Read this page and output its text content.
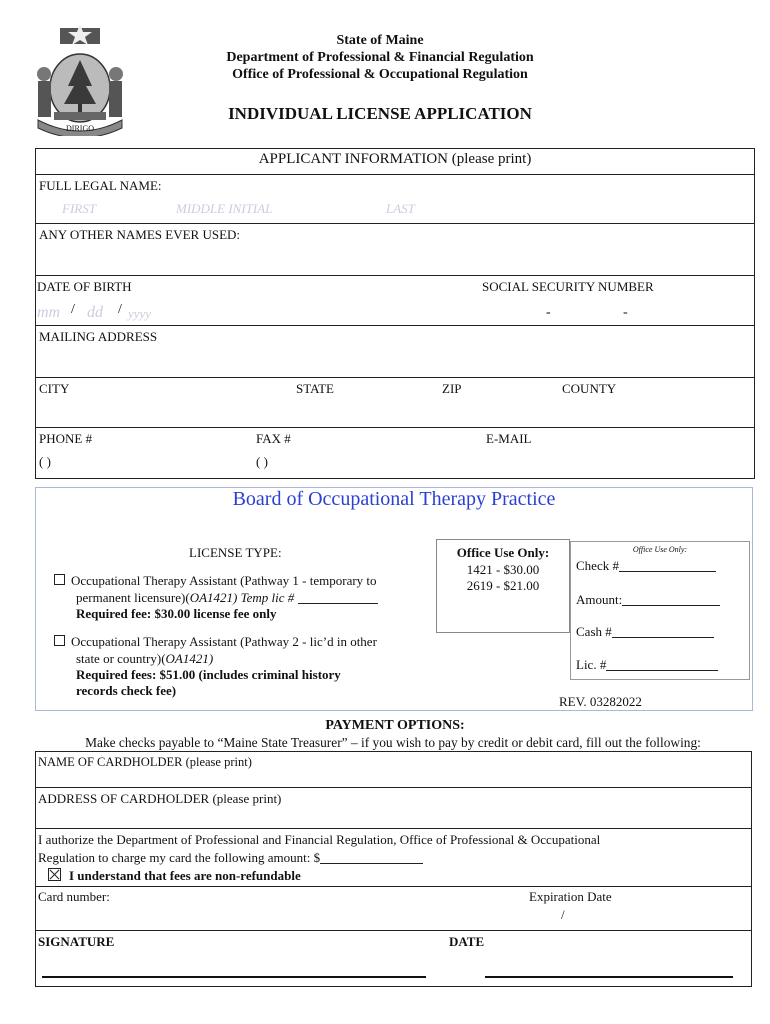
DIRIGO
State of Maine
Department of Professional & Financial Regulation
Office of Professional & Occupational Regulation
INDIVIDUAL LICENSE APPLICATION
APPLICANT INFORMATION (please print)
FULL LEGAL NAME:
FIRST	MIDDLE INITIAL	LAST
ANY OTHER NAMES EVER USED:
DATE OF BIRTH	SOCIAL SECURITY NUMBER
mm / dd / yyyy	-	-
MAILING ADDRESS
CITY	STATE	ZIP	COUNTY
PHONE #	FAX #	E-MAIL
( )	( )
Board of Occupational Therapy Practice
LICENSE TYPE:
Occupational Therapy Assistant (Pathway 1 - temporary to
permanent licensure)(OA1421) Temp lic #
Required fee: $30.00 license fee only
Occupational Therapy Assistant (Pathway 2 - lic’d in other
state or country)(OA1421)
Required fees: $51.00 (includes criminal history
records check fee)
Office Use Only:
1421 - $30.00
2619 - $21.00
Office Use Only:
Check #
Amount:
Cash #
Lic. #
REV. 03282022
PAYMENT OPTIONS:
Make checks payable to “Maine State Treasurer” – if you wish to pay by credit or debit card, fill out the following:
NAME OF CARDHOLDER (please print)
ADDRESS OF CARDHOLDER (please print)
I authorize the Department of Professional and Financial Regulation, Office of Professional & Occupational
Regulation to charge my card the following amount: $
I understand that fees are non-refundable
Card number:	Expiration Date
/
SIGNATURE	DATE
